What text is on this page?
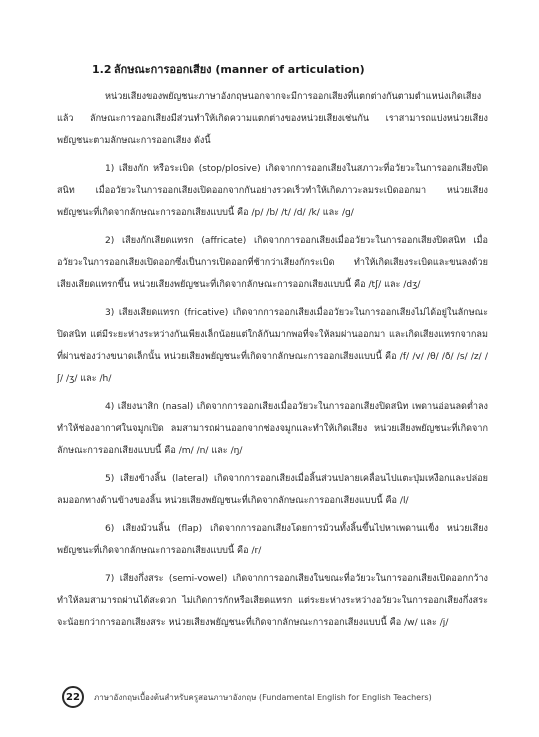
1.2 ลักษณะการออกเสียง (manner of articulation)

หน่วยเสียงของพยัญชนะภาษาอังกฤษนอกจากจะมีการออกเสียงที่แตกต่างกันตามตำแหน่งเกิดเสียงแล้ว ลักษณะการออกเสียงมีส่วนทำให้เกิดความแตกต่างของหน่วยเสียงเช่นกัน เราสามารถแบ่งหน่วยเสียงพยัญชนะตามลักษณะการออกเสียง ดังนี้

1) เสียงกัก หรือระเบิด (stop/plosive) เกิดจากการออกเสียงในสภาวะที่อวัยวะในการออกเสียงปิดสนิท เมื่ออวัยวะในการออกเสียงเปิดออกจากกันอย่างรวดเร็วทำให้เกิดภาวะลมระเบิดออกมา หน่วยเสียงพยัญชนะที่เกิดจากลักษณะการออกเสียงแบบนี้ คือ /p/ /b/ /t/ /d/ /k/ และ /g/

2) เสียงกักเสียดแทรก (affricate) เกิดจากการออกเสียงเมื่ออวัยวะในการออกเสียงปิดสนิท เมื่ออวัยวะในการออกเสียงเปิดออกซึ่งเป็นการเปิดออกที่ช้ากว่าเสียงกักระเบิด ทำให้เกิดเสียงระเบิดและขนลงด้วยเสียงเสียดแทรกขึ้น หน่วยเสียงพยัญชนะที่เกิดจากลักษณะการออกเสียงแบบนี้ คือ /tʃ/ และ /dʒ/

3) เสียงเสียดแทรก (fricative) เกิดจากการออกเสียงเมื่ออวัยวะในการออกเสียงไม่ได้อยู่ในลักษณะปิดสนิท แต่มีระยะห่างระหว่างกันเพียงเล็กน้อยแต่ใกล้กันมากพอที่จะให้ลมผ่านออกมา และเกิดเสียงแทรกจากลมที่ผ่านช่องว่างขนาดเล็กนั้น หน่วยเสียงพยัญชนะที่เกิดจากลักษณะการออกเสียงแบบนี้ คือ /f/ /v/ /θ/ /ð/ /s/ /z/ /ʃ/ /ʒ/ และ /h/

4) เสียงนาสิก (nasal) เกิดจากการออกเสียงเมื่ออวัยวะในการออกเสียงปิดสนิท เพดานอ่อนลดต่ำลง ทำให้ช่องอากาศในจมูกเปิด ลมสามารถผ่านออกจากช่องจมูกและทำให้เกิดเสียง หน่วยเสียงพยัญชนะที่เกิดจากลักษณะการออกเสียงแบบนี้ คือ /m/ /n/ และ /ŋ/

5) เสียงข้างลิ้น (lateral) เกิดจากการออกเสียงเมื่อลิ้นส่วนปลายเคลื่อนไปแตะปุ่มเหงือกและปล่อยลมออกทางด้านข้างของลิ้น หน่วยเสียงพยัญชนะที่เกิดจากลักษณะการออกเสียงแบบนี้ คือ /l/

6) เสียงม้วนลิ้น (flap) เกิดจากการออกเสียงโดยการม้วนทั้งลิ้นขึ้นไปหาเพดานแข็ง หน่วยเสียงพยัญชนะที่เกิดจากลักษณะการออกเสียงแบบนี้ คือ /r/

7) เสียงกึ่งสระ (semi-vowel) เกิดจากการออกเสียงในขณะที่อวัยวะในการออกเสียงเปิดออกกว้าง ทำให้ลมสามารถผ่านได้สะดวก ไม่เกิดการกักหรือเสียดแทรก แต่ระยะห่างระหว่างอวัยวะในการออกเสียงกึ่งสระจะน้อยกว่าการออกเสียงสระ หน่วยเสียงพยัญชนะที่เกิดจากลักษณะการออกเสียงแบบนี้ คือ /w/ และ /j/

22	ภาษาอังกฤษเบื้องต้นสำหรับครูสอนภาษาอังกฤษ (Fundamental English for English Teachers)
